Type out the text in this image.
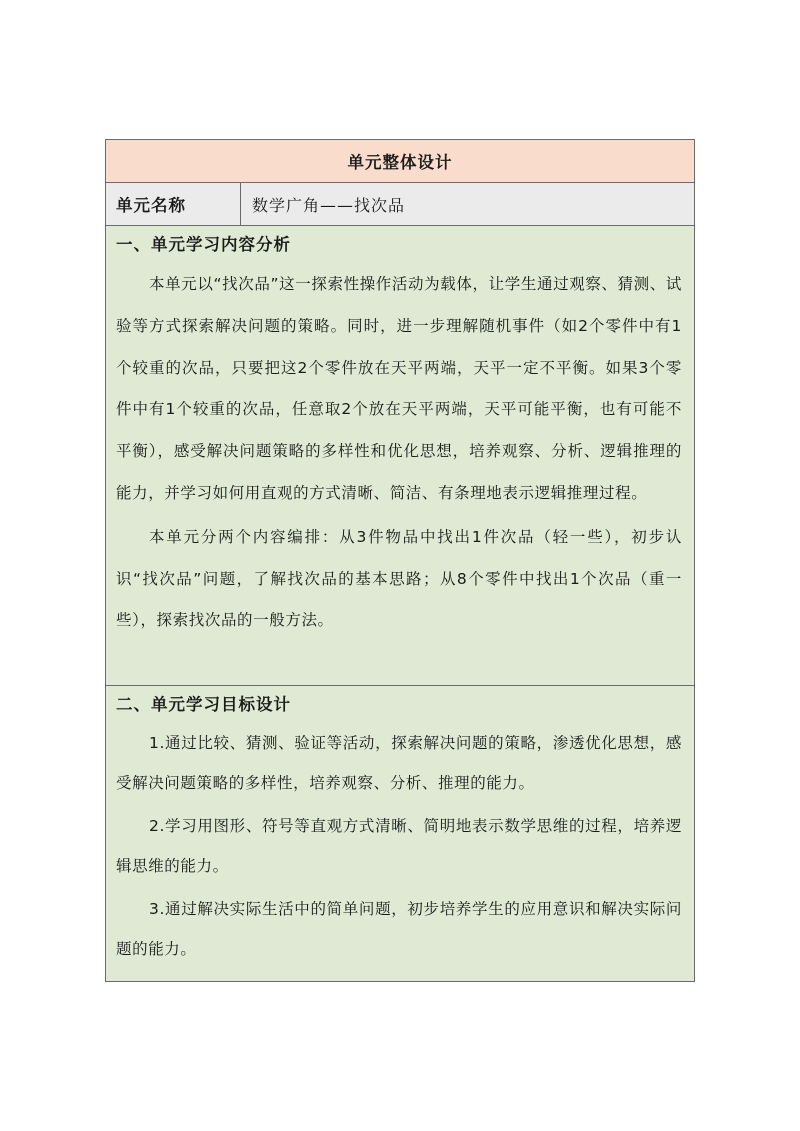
单元整体设计
单元名称	数学广角——找次品
一、单元学习内容分析

本单元以“找次品”这一探索性操作活动为载体，让学生通过观察、猜测、试验等方式探索解决问题的策略。同时，进一步理解随机事件（如2个零件中有1个较重的次品，只要把这2个零件放在天平两端，天平一定不平衡。如果3个零件中有1个较重的次品，任意取2个放在天平两端，天平可能平衡，也有可能不平衡），感受解决问题策略的多样性和优化思想，培养观察、分析、逻辑推理的能力，并学习如何用直观的方式清晰、简洁、有条理地表示逻辑推理过程。

本单元分两个内容编排：从3件物品中找出1件次品（轻一些），初步认识“找次品”问题，了解找次品的基本思路；从8个零件中找出1个次品（重一些），探索找次品的一般方法。

二、单元学习目标设计

1.通过比较、猜测、验证等活动，探索解决问题的策略，渗透优化思想，感受解决问题策略的多样性，培养观察、分析、推理的能力。

2.学习用图形、符号等直观方式清晰、简明地表示数学思维的过程，培养逻辑思维的能力。

3.通过解决实际生活中的简单问题，初步培养学生的应用意识和解决实际问题的能力。
